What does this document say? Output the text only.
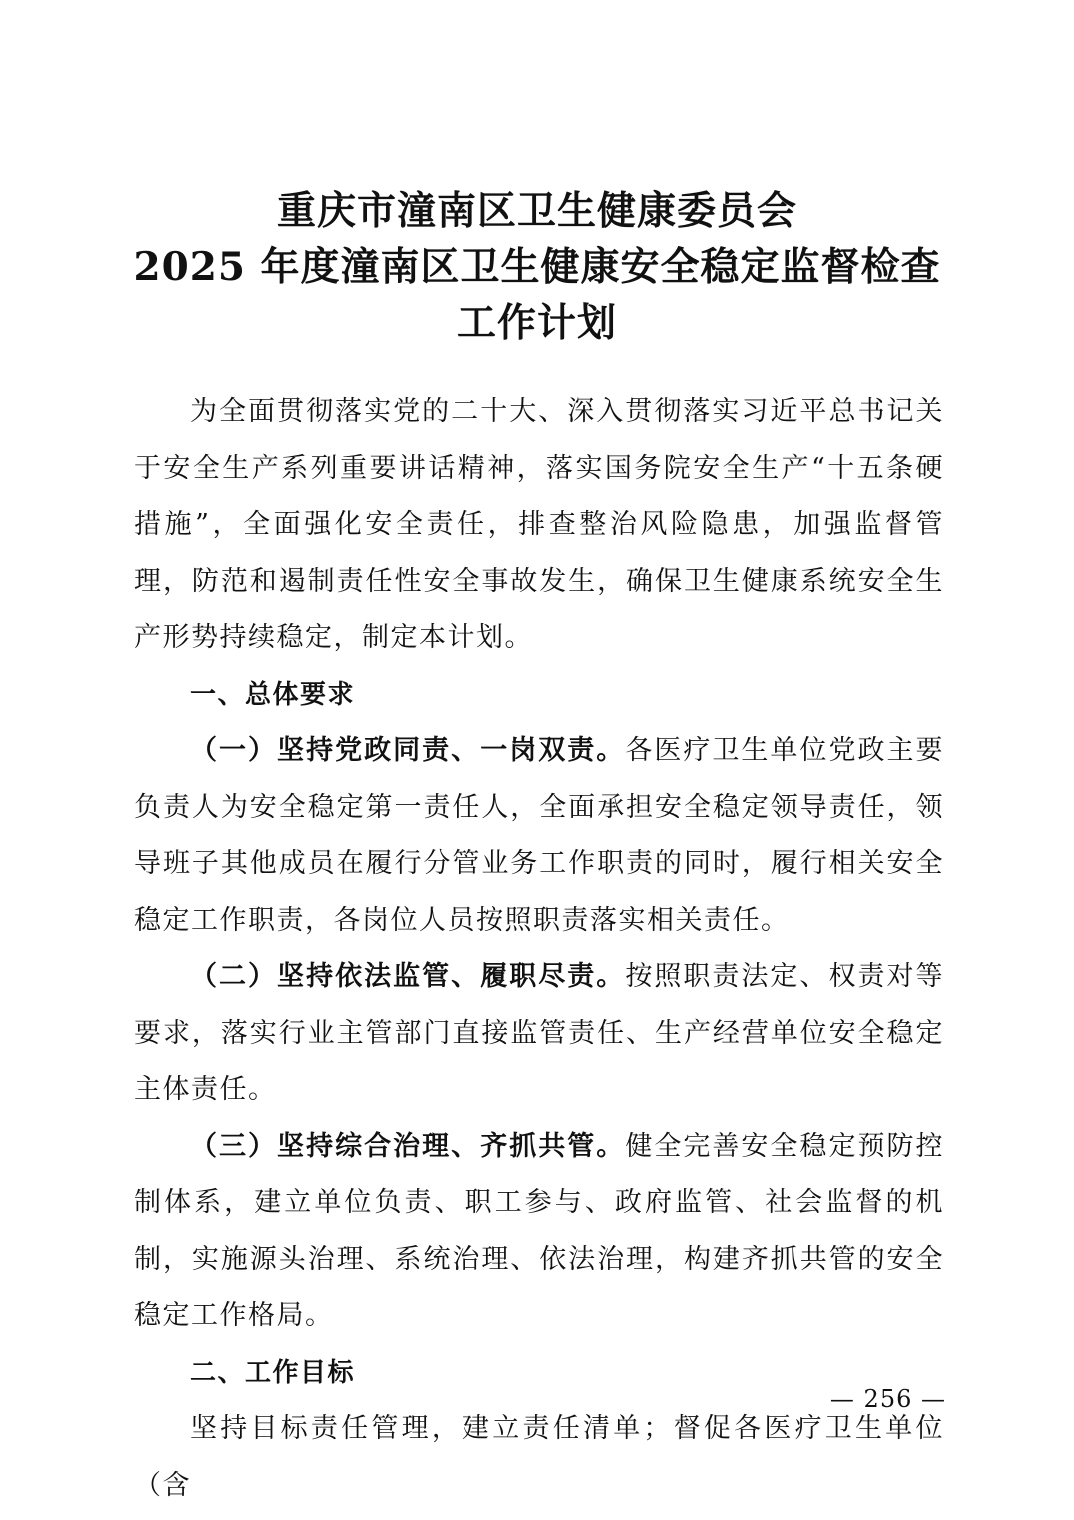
重庆市潼南区卫生健康委员会
2025 年度潼南区卫生健康安全稳定监督检查
工作计划

为全面贯彻落实党的二十大、深入贯彻落实习近平总书记关于安全生产系列重要讲话精神，落实国务院安全生产“十五条硬措施”，全面强化安全责任，排查整治风险隐患，加强监督管理，防范和遏制责任性安全事故发生，确保卫生健康系统安全生产形势持续稳定，制定本计划。

一、总体要求

（一）坚持党政同责、一岗双责。各医疗卫生单位党政主要负责人为安全稳定第一责任人，全面承担安全稳定领导责任，领导班子其他成员在履行分管业务工作职责的同时，履行相关安全稳定工作职责，各岗位人员按照职责落实相关责任。

（二）坚持依法监管、履职尽责。按照职责法定、权责对等要求，落实行业主管部门直接监管责任、生产经营单位安全稳定主体责任。

（三）坚持综合治理、齐抓共管。健全完善安全稳定预防控制体系，建立单位负责、职工参与、政府监管、社会监督的机制，实施源头治理、系统治理、依法治理，构建齐抓共管的安全稳定工作格局。

二、工作目标

坚持目标责任管理，建立责任清单；督促各医疗卫生单位（含

— 256 —
